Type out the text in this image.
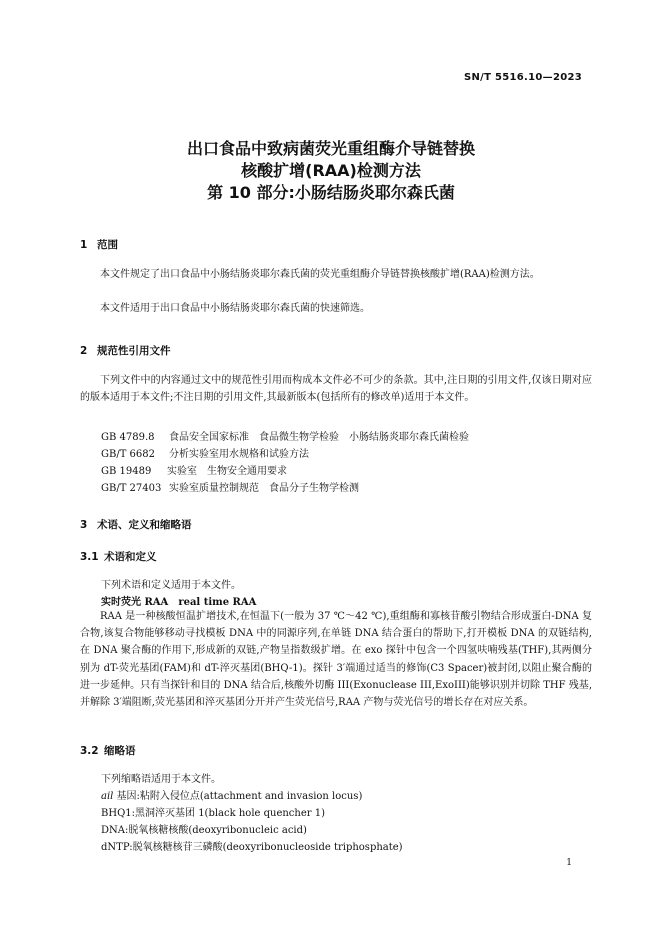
SN/T 5516.10—2023
出口食品中致病菌荧光重组酶介导链替换
核酸扩增(RAA)检测方法
第 10 部分:小肠结肠炎耶尔森氏菌
1 范围

本文件规定了出口食品中小肠结肠炎耶尔森氏菌的荧光重组酶介导链替换核酸扩增(RAA)检测方法。

本文件适用于出口食品中小肠结肠炎耶尔森氏菌的快速筛选。

2 规范性引用文件

下列文件中的内容通过文中的规范性引用而构成本文件必不可少的条款。其中,注日期的引用文件,仅该日期对应的版本适用于本文件;不注日期的引用文件,其最新版本(包括所有的修改单)适用于本文件。

GB 4789.8 食品安全国家标准　食品微生物学检验　小肠结肠炎耶尔森氏菌检验
GB/T 6682 分析实验室用水规格和试验方法
GB 19489 实验室　生物安全通用要求
GB/T 27403 实验室质量控制规范　食品分子生物学检测
3 术语、定义和缩略语
3.1 术语和定义
下列术语和定义适用于本文件。
实时荧光 RAA real time RAA

RAA 是一种核酸恒温扩增技术,在恒温下(一般为 37 ℃～42 ℃),重组酶和寡核苷酸引物结合形成蛋白-DNA 复合物,该复合物能够移动寻找模板 DNA 中的同源序列,在单链 DNA 结合蛋白的帮助下,打开模板 DNA 的双链结构,在 DNA 聚合酶的作用下,形成新的双链,产物呈指数级扩增。在 exo 探针中包含一个四氢呋喃残基(THF),其两侧分别为 dT-荧光基团(FAM)和 dT-淬灭基团(BHQ-1)。探针 3′端通过适当的修饰(C3 Spacer)被封闭,以阻止聚合酶的进一步延伸。只有当探针和目的 DNA 结合后,核酸外切酶 III(Exonuclease III,ExoIII)能够识别并切除 THF 残基,并解除 3′端阻断,荧光基团和淬灭基团分开并产生荧光信号,RAA 产物与荧光信号的增长存在对应关系。

3.2 缩略语
下列缩略语适用于本文件。
ail 基因:粘附入侵位点(attachment and invasion locus)
BHQ1:黑洞淬灭基团 1(black hole quencher 1)
DNA:脱氧核糖核酸(deoxyribonucleic acid)
dNTP:脱氧核糖核苷三磷酸(deoxyribonucleoside triphosphate)
1
